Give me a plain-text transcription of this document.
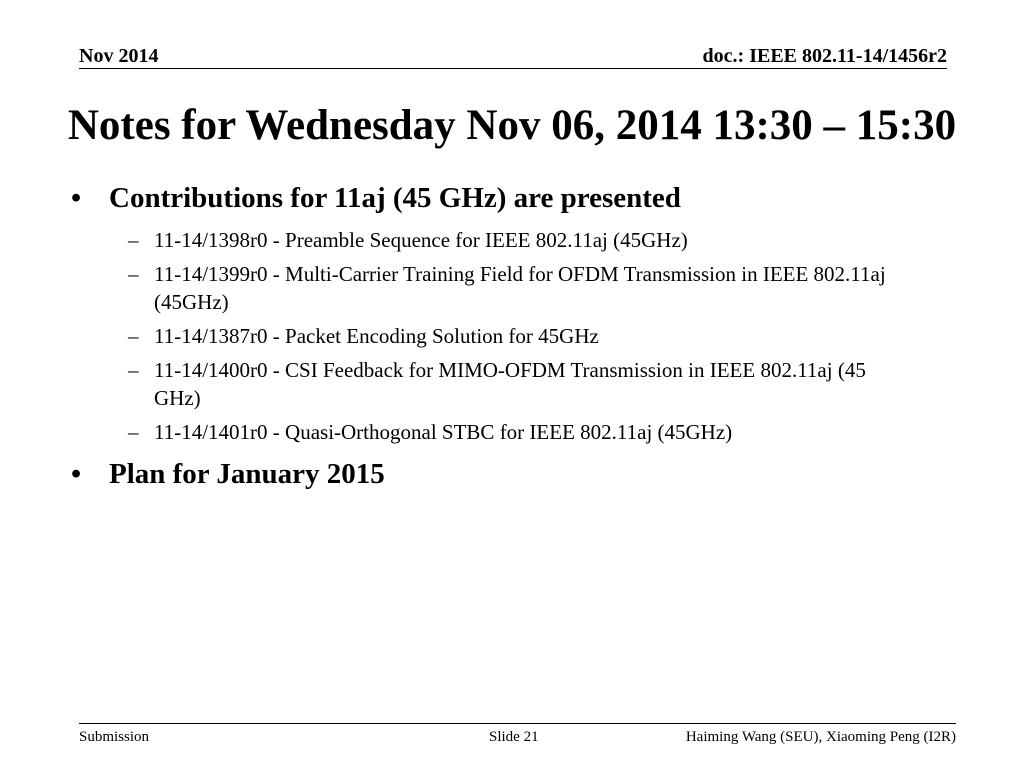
Nov 2014	doc.: IEEE 802.11-14/1456r2
Notes for Wednesday Nov 06, 2014 13:30 – 15:30
• Contributions for 11aj (45 GHz) are presented
– 11-14/1398r0 - Preamble Sequence for IEEE 802.11aj (45GHz)
– 11-14/1399r0 - Multi-Carrier Training Field for OFDM Transmission in IEEE 802.11aj (45GHz)
– 11-14/1387r0 - Packet Encoding Solution for 45GHz
– 11-14/1400r0 - CSI Feedback for MIMO-OFDM Transmission in IEEE 802.11aj (45 GHz)
– 11-14/1401r0 - Quasi-Orthogonal STBC for IEEE 802.11aj (45GHz)
• Plan for January 2015
Submission	Slide 21	Haiming Wang (SEU), Xiaoming Peng (I2R)
